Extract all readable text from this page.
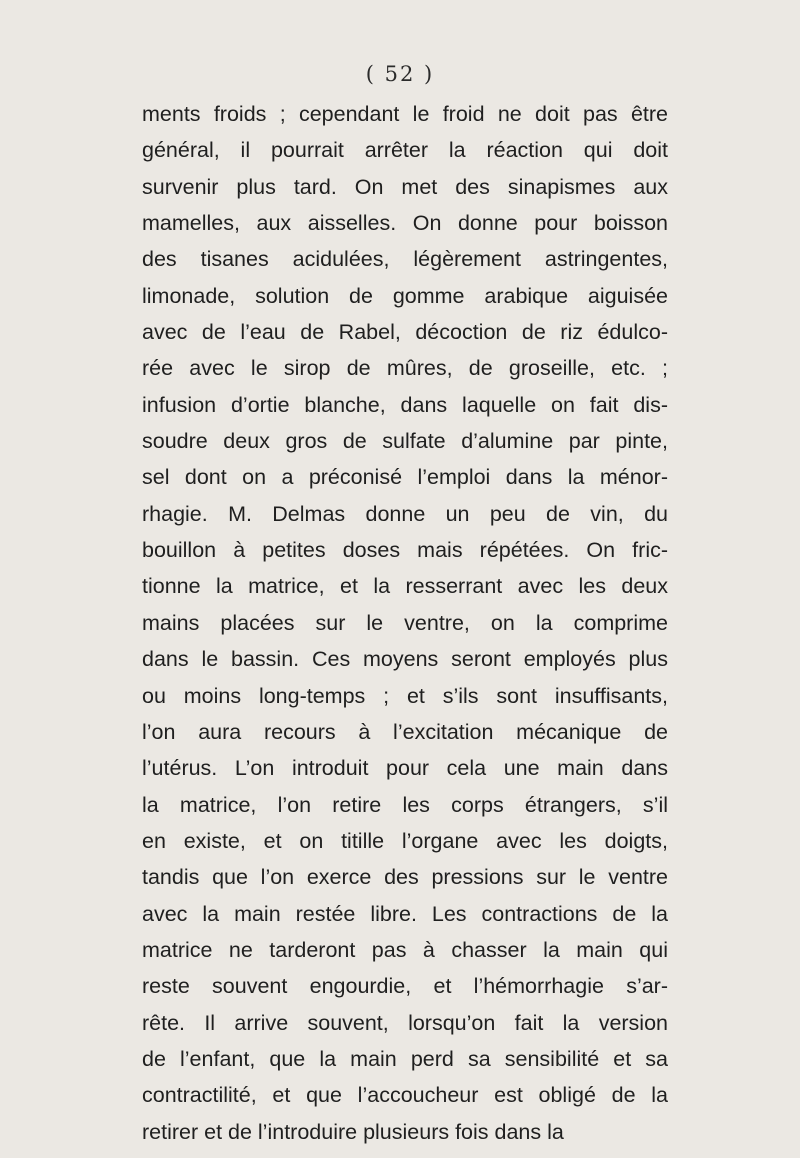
( 52 )
ments froids ; cependant le froid ne doit pas être
général, il pourrait arrêter la réaction qui doit
survenir plus tard. On met des sinapismes aux
mamelles, aux aisselles. On donne pour boisson
des tisanes acidulées, légèrement astringentes,
limonade, solution de gomme arabique aiguisée
avec de l’eau de Rabel, décoction de riz édulco-
rée avec le sirop de mûres, de groseille, etc. ;
infusion d’ortie blanche, dans laquelle on fait dis-
soudre deux gros de sulfate d’alumine par pinte,
sel dont on a préconisé l’emploi dans la ménor-
rhagie. M. Delmas donne un peu de vin, du
bouillon à petites doses mais répétées. On fric-
tionne la matrice, et la resserrant avec les deux
mains placées sur le ventre, on la comprime
dans le bassin. Ces moyens seront employés plus
ou moins long-temps ; et s’ils sont insuffisants,
l’on aura recours à l’excitation mécanique de
l’utérus. L’on introduit pour cela une main dans
la matrice, l’on retire les corps étrangers, s’il
en existe, et on titille l’organe avec les doigts,
tandis que l’on exerce des pressions sur le ventre
avec la main restée libre. Les contractions de la
matrice ne tarderont pas à chasser la main qui
reste souvent engourdie, et l’hémorrhagie s’ar-
rête. Il arrive souvent, lorsqu’on fait la version
de l’enfant, que la main perd sa sensibilité et sa
contractilité, et que l’accoucheur est obligé de la
retirer et de l’introduire plusieurs fois dans la
